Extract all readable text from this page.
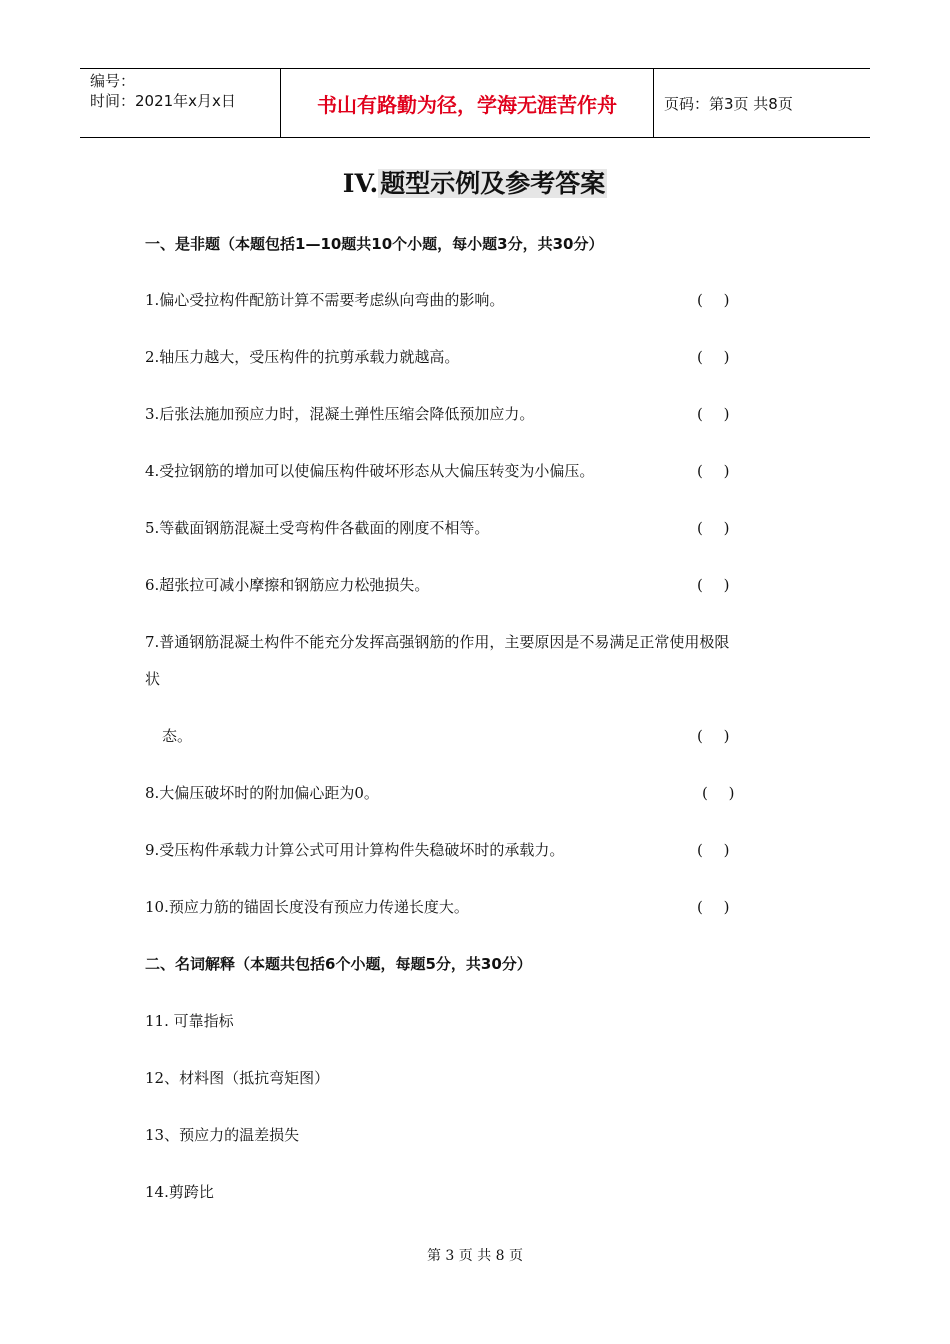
编号：
时间：2021年x月x日	书山有路勤为径，学海无涯苦作舟	页码：第3页 共8页
IV.题型示例及参考答案
一、是非题（本题包括1—10题共10个小题，每小题3分，共30分）
1.偏心受拉构件配筋计算不需要考虑纵向弯曲的影响。	( )
2.轴压力越大，受压构件的抗剪承载力就越高。	( )
3.后张法施加预应力时，混凝土弹性压缩会降低预加应力。	( )
4.受拉钢筋的增加可以使偏压构件破坏形态从大偏压转变为小偏压。	( )
5.等截面钢筋混凝土受弯构件各截面的刚度不相等。	( )
6.超张拉可减小摩擦和钢筋应力松弛损失。	( )
7.普通钢筋混凝土构件不能充分发挥高强钢筋的作用，主要原因是不易满足正常使用极限
状
态。	( )
8.大偏压破坏时的附加偏心距为0。	( )
9.受压构件承载力计算公式可用计算构件失稳破坏时的承载力。	( )
10.预应力筋的锚固长度没有预应力传递长度大。	( )
二、名词解释（本题共包括6个小题，每题5分，共30分）
11. 可靠指标
12、材料图（抵抗弯矩图）
13、预应力的温差损失
14.剪跨比
第 3 页 共 8 页
